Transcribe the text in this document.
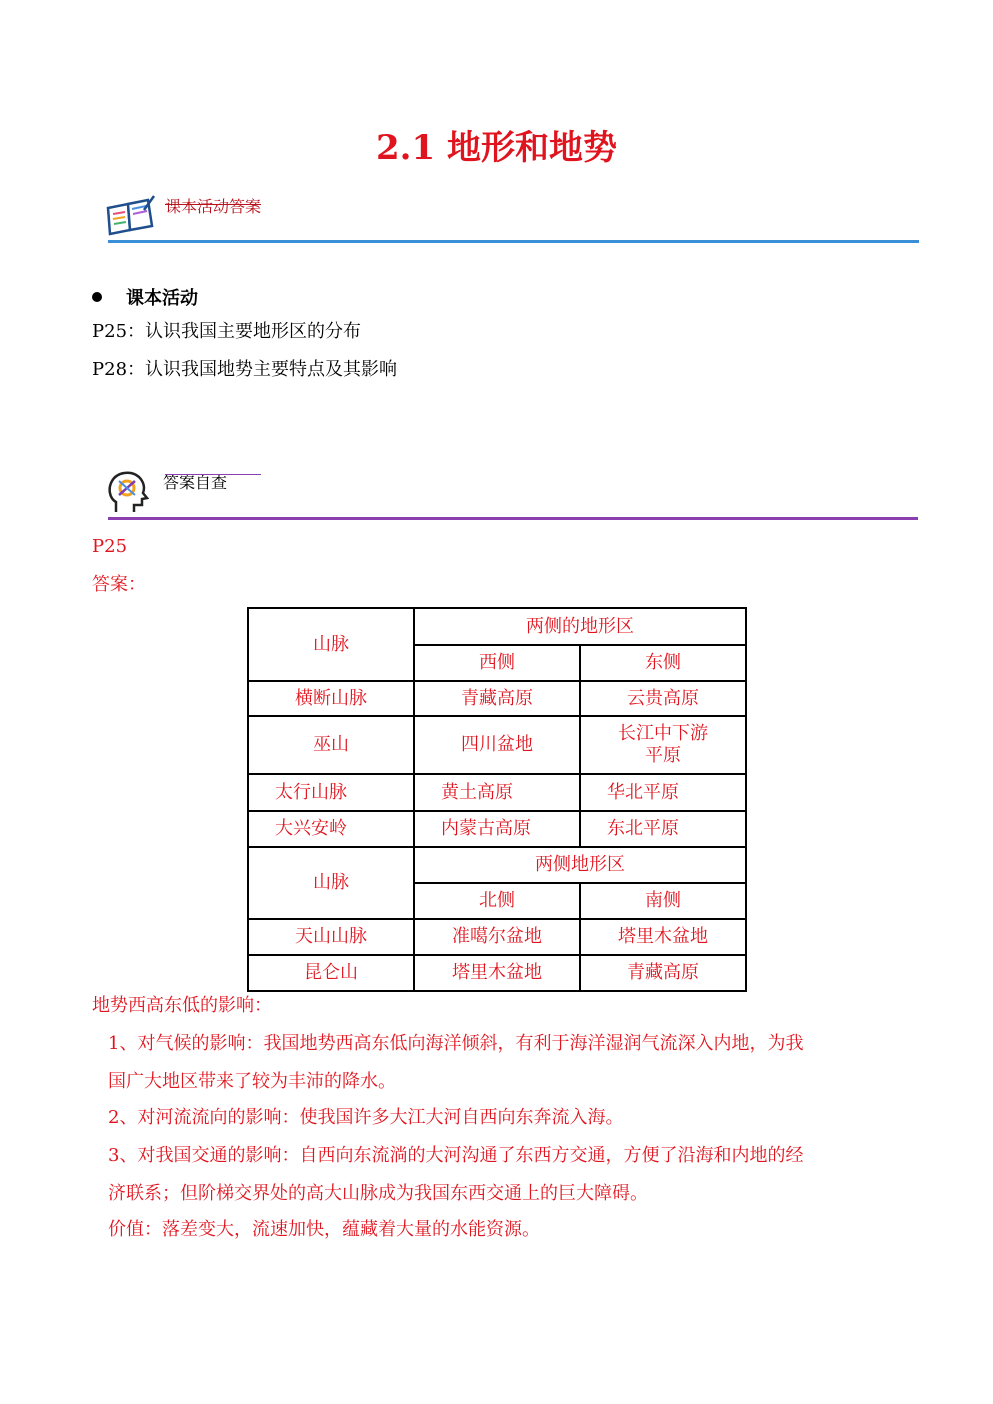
2.1 地形和地势
课本活动答案
课本活动
P25：认识我国主要地形区的分布
P28：认识我国地势主要特点及其影响
答案自查
P25
答案：
山脉	两侧的地形区	
	西侧	东侧
横断山脉	青藏高原	云贵高原
巫山	四川盆地	长江中下游平原

太行山脉	黄土高原	华北平原
大兴安岭	内蒙古高原	东北平原
山脉	两侧地形区	
	北侧	南侧
天山山脉	准噶尔盆地	塔里木盆地
昆仑山	塔里木盆地	青藏高原

地势西高东低的影响：

1、对气候的影响：我国地势西高东低向海洋倾斜，有利于海洋湿润气流深入内地，为我

国广大地区带来了较为丰沛的降水。

2、对河流流向的影响：使我国许多大江大河自西向东奔流入海。

3、对我国交通的影响：自西向东流淌的大河沟通了东西方交通，方便了沿海和内地的经

济联系；但阶梯交界处的高大山脉成为我国东西交通上的巨大障碍。

价值：落差变大，流速加快，蕴藏着大量的水能资源。
